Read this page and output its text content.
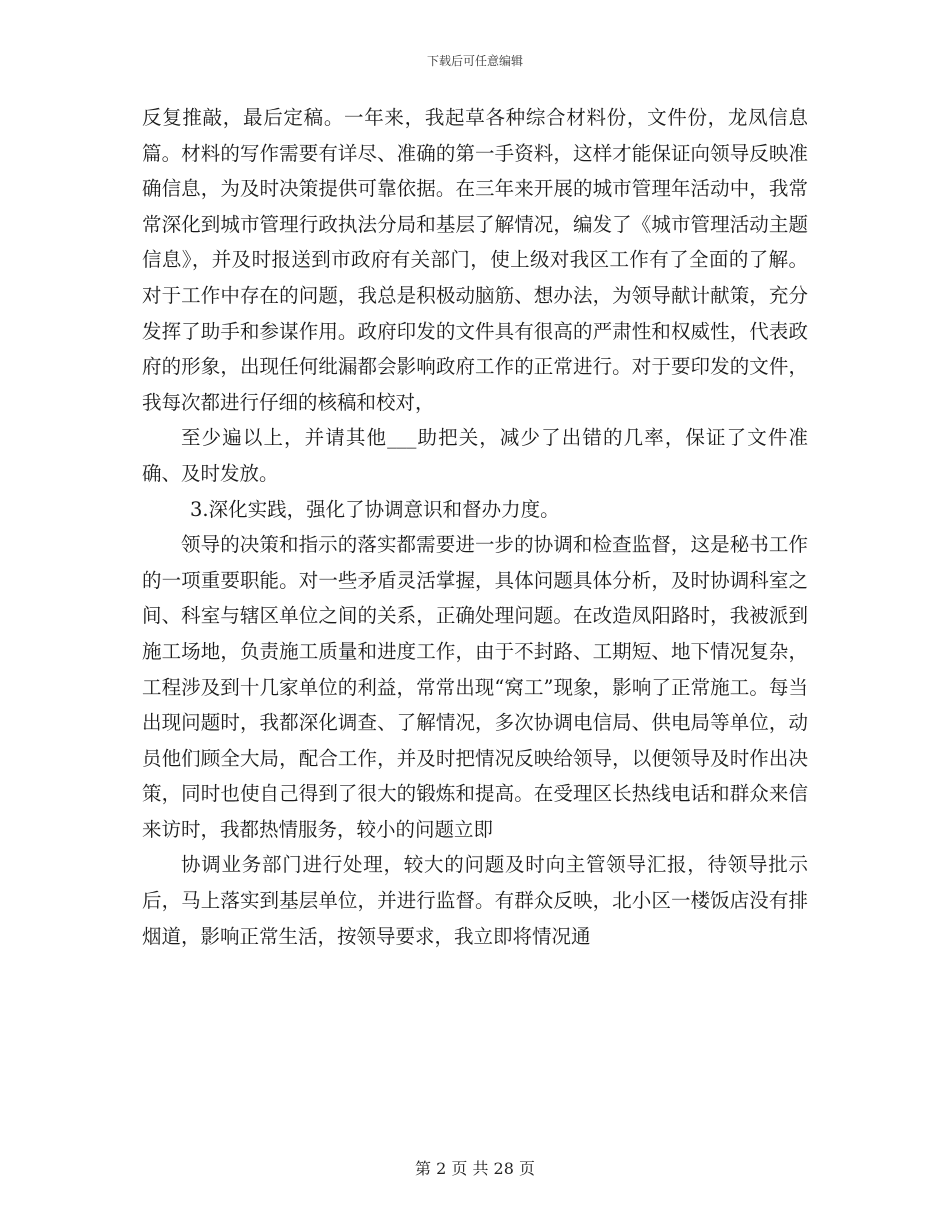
下载后可任意编辑

反复推敲，最后定稿。一年来，我起草各种综合材料份，文件份，龙凤信息篇。材料的写作需要有详尽、准确的第一手资料，这样才能保证向领导反映准确信息，为及时决策提供可靠依据。在三年来开展的城市管理年活动中，我常常深化到城市管理行政执法分局和基层了解情况，编发了《城市管理活动主题信息》，并及时报送到市政府有关部门，使上级对我区工作有了全面的了解。对于工作中存在的问题，我总是积极动脑筋、想办法，为领导献计献策，充分发挥了助手和参谋作用。政府印发的文件具有很高的严肃性和权威性，代表政府的形象，出现任何纰漏都会影响政府工作的正常进行。对于要印发的文件，我每次都进行仔细的核稿和校对，

至少遍以上，并请其他___助把关，减少了出错的几率，保证了文件准确、及时发放。

3.深化实践，强化了协调意识和督办力度。

领导的决策和指示的落实都需要进一步的协调和检查监督，这是秘书工作的一项重要职能。对一些矛盾灵活掌握，具体问题具体分析，及时协调科室之间、科室与辖区单位之间的关系，正确处理问题。在改造凤阳路时，我被派到施工场地，负责施工质量和进度工作，由于不封路、工期短、地下情况复杂，工程涉及到十几家单位的利益，常常出现“窝工”现象，影响了正常施工。每当出现问题时，我都深化调查、了解情况，多次协调电信局、供电局等单位，动员他们顾全大局，配合工作，并及时把情况反映给领导，以便领导及时作出决策，同时也使自己得到了很大的锻炼和提高。在受理区长热线电话和群众来信来访时，我都热情服务，较小的问题立即

协调业务部门进行处理，较大的问题及时向主管领导汇报，待领导批示后，马上落实到基层单位，并进行监督。有群众反映，北小区一楼饭店没有排烟道，影响正常生活，按领导要求，我立即将情况通

第 2 页 共 28 页
